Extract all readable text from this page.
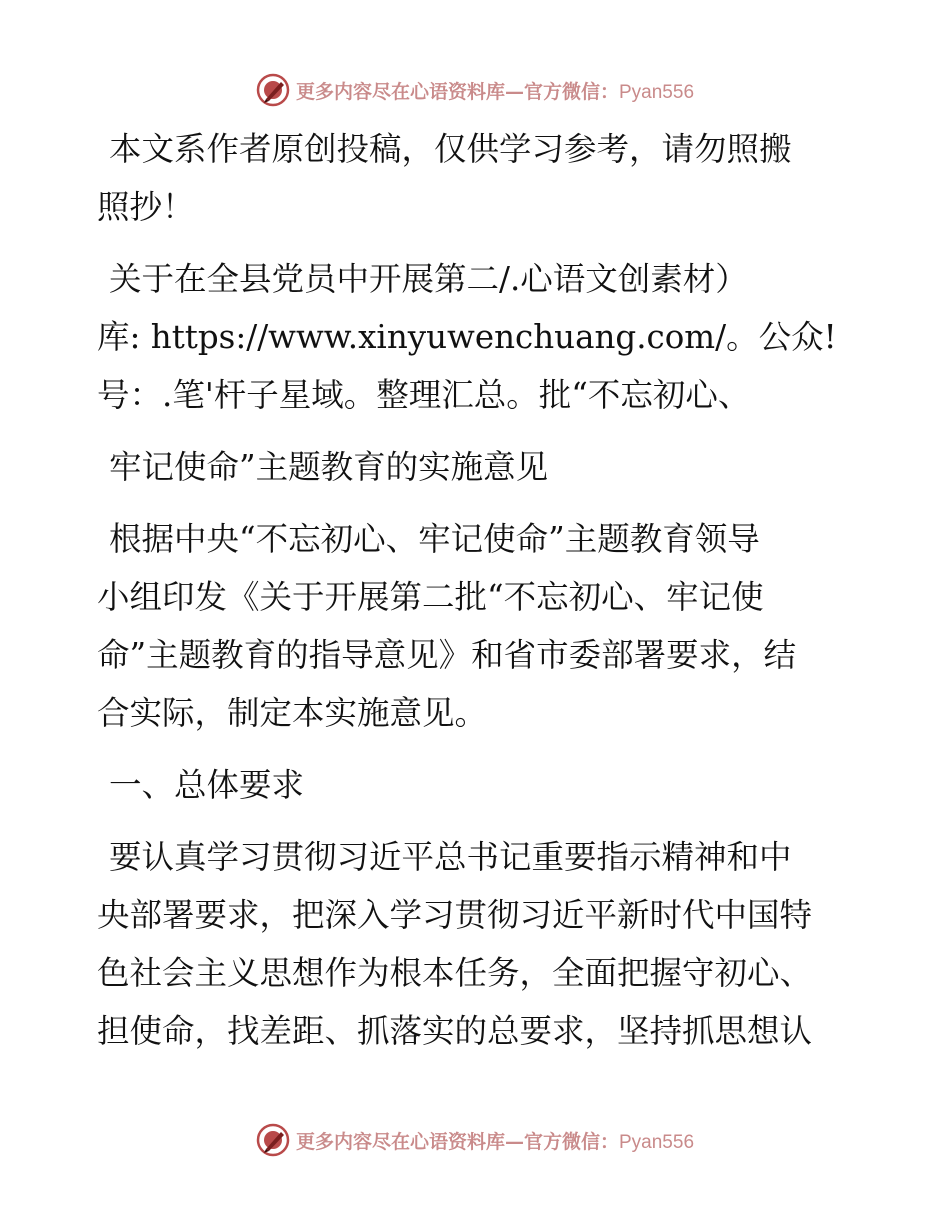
更多内容尽在心语资料库—官方微信：Pyan556
本文系作者原创投稿，仅供学习参考，请勿照搬
照抄！
关于在全县党员中开展第二/.心语文创素材）
库: https://www.xinyuwenchuang.com/。公众!
号：.笔'杆子星域。整理汇总。批“不忘初心、
牢记使命”主题教育的实施意见
根据中央“不忘初心、牢记使命”主题教育领导
小组印发《关于开展第二批“不忘初心、牢记使
命”主题教育的指导意见》和省市委部署要求，结
合实际，制定本实施意见。
一、总体要求
要认真学习贯彻习近平总书记重要指示精神和中
央部署要求，把深入学习贯彻习近平新时代中国特
色社会主义思想作为根本任务，全面把握守初心、
担使命，找差距、抓落实的总要求，坚持抓思想认
更多内容尽在心语资料库—官方微信：Pyan556
